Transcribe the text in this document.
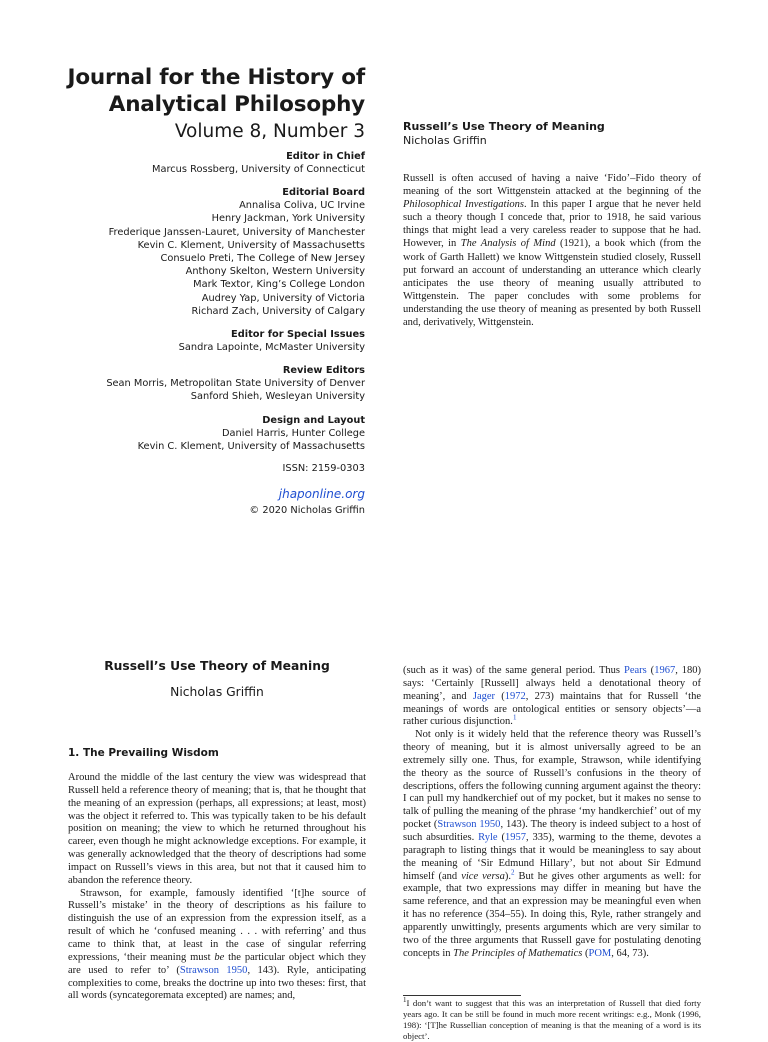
Journal for the History of
Analytical Philosophy
Volume 8, Number 3
Editor in Chief
Marcus Rossberg, University of Connecticut
Editorial Board
Annalisa Coliva, UC Irvine
Henry Jackman, York University
Frederique Janssen-Lauret, University of Manchester
Kevin C. Klement, University of Massachusetts
Consuelo Preti, The College of New Jersey
Anthony Skelton, Western University
Mark Textor, King’s College London
Audrey Yap, University of Victoria
Richard Zach, University of Calgary
Editor for Special Issues
Sandra Lapointe, McMaster University
Review Editors
Sean Morris, Metropolitan State University of Denver
Sanford Shieh, Wesleyan University
Design and Layout
Daniel Harris, Hunter College
Kevin C. Klement, University of Massachusetts
ISSN: 2159-0303
jhaponline.org
© 2020 Nicholas Griffin
Russell’s Use Theory of Meaning
Nicholas Griffin
Russell is often accused of having a naive ‘Fido’–Fido theory of meaning of the sort Wittgenstein attacked at the beginning of the Philosophical Investigations. In this paper I argue that he never held such a theory though I concede that, prior to 1918, he said various things that might lead a very careless reader to suppose that he had. However, in The Analysis of Mind (1921), a book which (from the work of Garth Hallett) we know Wittgenstein studied closely, Russell put forward an account of understanding an utterance which clearly anticipates the use theory of meaning usually attributed to Wittgenstein. The paper concludes with some problems for understanding the use theory of meaning as presented by both Russell and, derivatively, Wittgenstein.
Russell’s Use Theory of Meaning
Nicholas Griffin
1. The Prevailing Wisdom

Around the middle of the last century the view was widespread that Russell held a reference theory of meaning; that is, that he thought that the meaning of an expression (perhaps, all expressions; at least, most) was the object it referred to. This was typically taken to be his default position on meaning; the view to which he returned throughout his career, even though he might acknowledge exceptions. For example, it was generally acknowledged that the theory of descriptions had some impact on Russell’s views in this area, but not that it caused him to abandon the reference theory.

Strawson, for example, famously identified ‘[t]he source of Russell’s mistake’ in the theory of descriptions as his failure to distinguish the use of an expression from the expression itself, as a result of which he ‘confused meaning . . . with referring’ and thus came to think that, at least in the case of singular referring expressions, ‘their meaning must be the particular object which they are used to refer to’ (Strawson 1950, 143). Ryle, anticipating complexities to come, breaks the doctrine up into two theses: first, that all words (syncategoremata excepted) are names; and,

(such as it was) of the same general period. Thus Pears (1967, 180) says: ‘Certainly [Russell] always held a denotational theory of meaning’, and Jager (1972, 273) maintains that for Russell ‘the meanings of words are ontological entities or sensory objects’—a rather curious disjunction.$^1$

Not only is it widely held that the reference theory was Russell’s theory of meaning, but it is almost universally agreed to be an extremely silly one. Thus, for example, Strawson, while identifying the theory as the source of Russell’s confusions in the theory of descriptions, offers the following cunning argument against the theory: I can pull my handkerchief out of my pocket, but it makes no sense to talk of pulling the meaning of the phrase ‘my handkerchief’ out of my pocket (Strawson 1950, 143). The theory is indeed subject to a host of such absurdities. Ryle (1957, 335), warming to the theme, devotes a paragraph to listing things that it would be meaningless to say about the meaning of ‘Sir Edmund Hillary’, but not about Sir Edmund himself (and vice versa).$^2$ But he gives other arguments as well: for example, that two expressions may differ in meaning but have the same reference, and that an expression may be meaningful even when it has no reference (354–55). In doing this, Ryle, rather strangely and apparently unwittingly, presents arguments which are very similar to two of the three arguments that Russell gave for postulating denoting concepts in The Principles of Mathematics (POM, 64, 73).

$^1$I don’t want to suggest that this was an interpretation of Russell that died forty years ago. It can be still be found in much more recent writings: e.g., Monk (1996, 198): ‘[T]he Russellian conception of meaning is that the meaning of a word is its object’.
